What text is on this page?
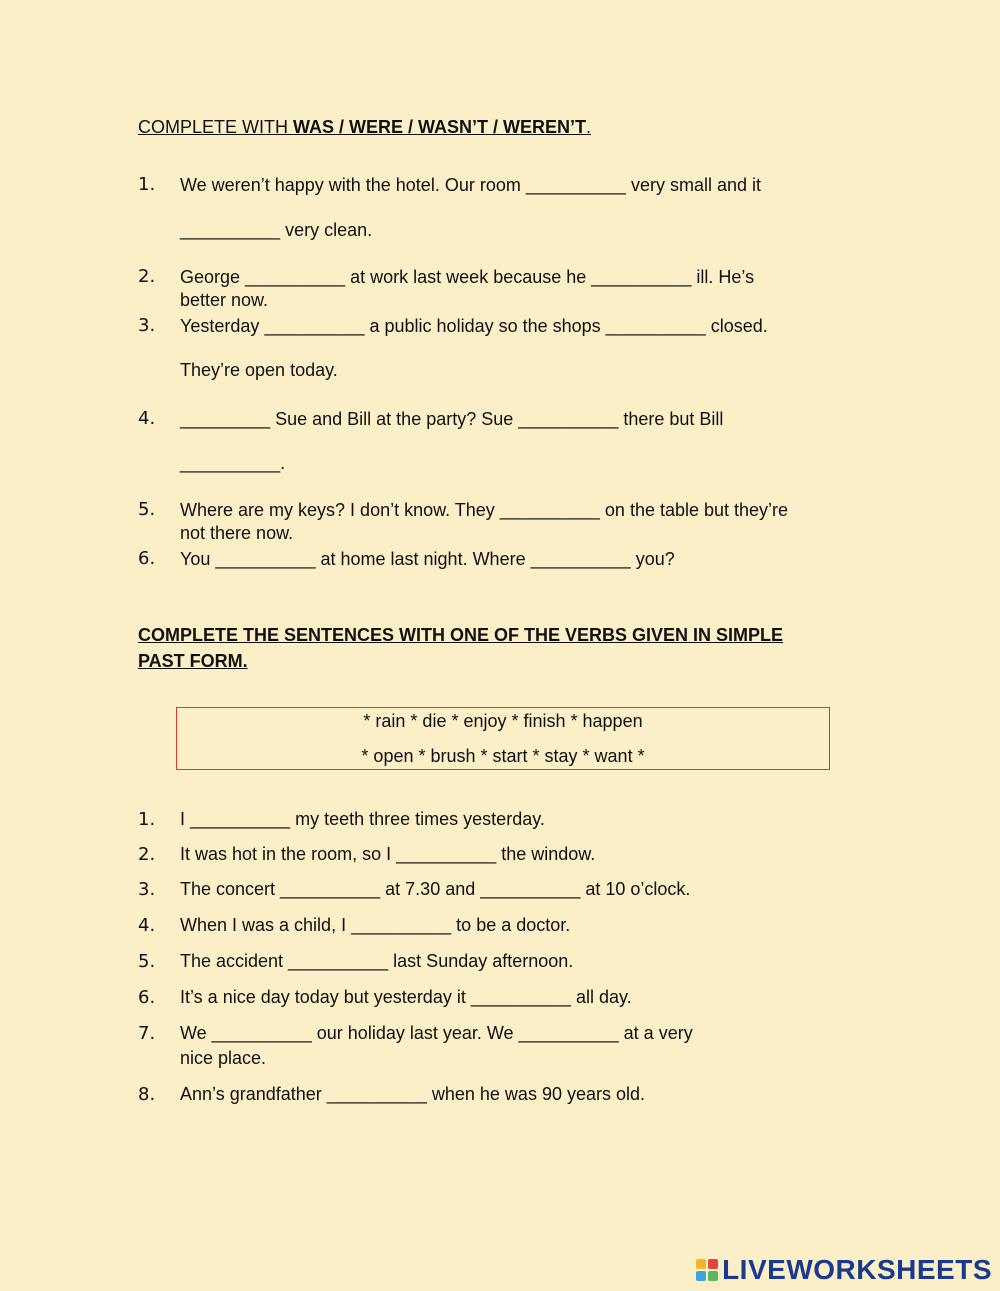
COMPLETE WITH WAS / WERE / WASN’T / WEREN’T.
1. We weren’t happy with the hotel. Our room __________ very small and it
__________ very clean.
2. George __________ at work last week because he __________ ill. He’s
better now.
3. Yesterday __________ a public holiday so the shops __________ closed.
They’re open today.
4. _________ Sue and Bill at the party? Sue __________ there but Bill
__________.
5. Where are my keys? I don’t know. They __________ on the table but they’re
not there now.
6. You __________ at home last night. Where __________ you?
COMPLETE THE SENTENCES WITH ONE OF THE VERBS GIVEN IN SIMPLE
PAST FORM.
* rain * die * enjoy * finish * happen
* open * brush * start * stay * want *
1. I __________ my teeth three times yesterday.
2. It was hot in the room, so I __________ the window.
3. The concert __________ at 7.30 and __________ at 10 o’clock.
4. When I was a child, I __________ to be a doctor.
5. The accident __________ last Sunday afternoon.
6. It’s a nice day today but yesterday it __________ all day.
7. We __________ our holiday last year. We __________ at a very
nice place.
8. Ann’s grandfather __________ when he was 90 years old.
LIVEWORKSHEETS
